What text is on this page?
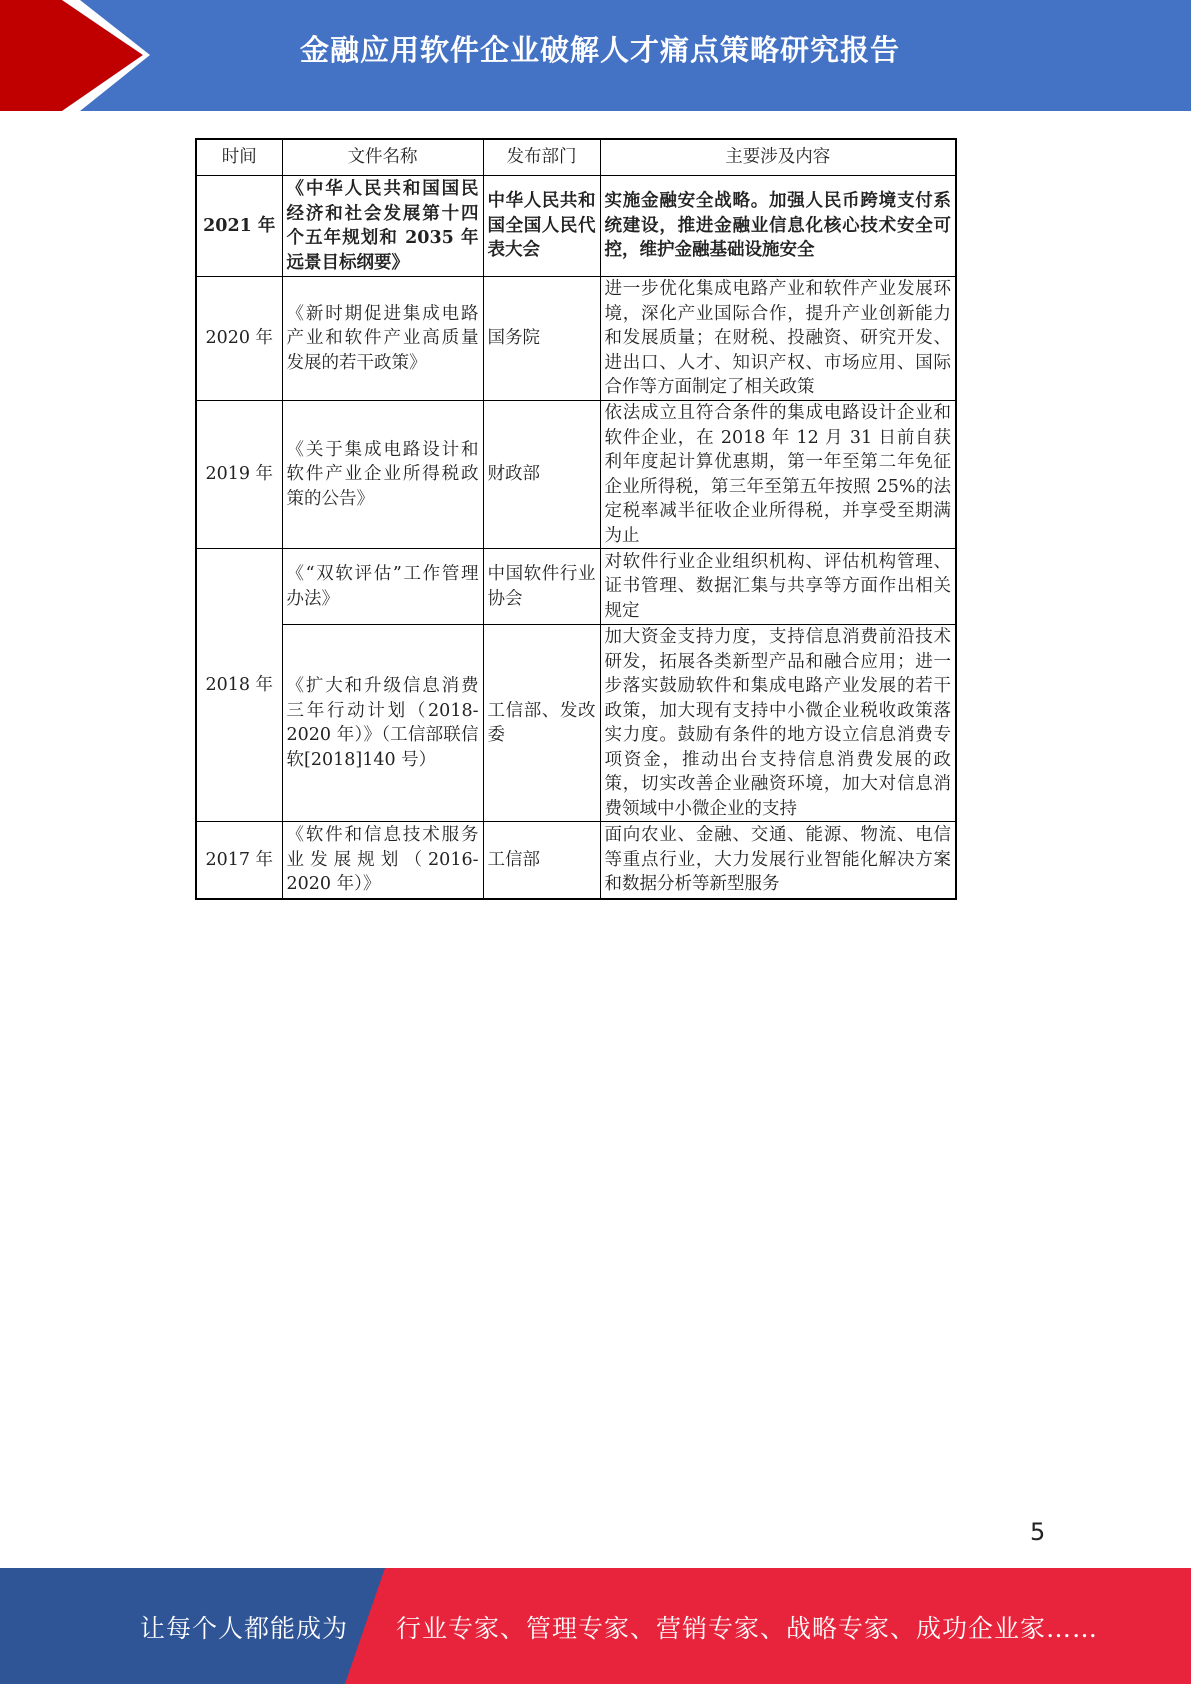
金融应用软件企业破解人才痛点策略研究报告
时间	文件名称	发布部门	主要涉及内容
2021 年	《中华人民共和国国民经济和社会发展第十四个五年规划和 2035 年远景目标纲要》	中华人民共和国全国人民代表大会	实施金融安全战略。加强人民币跨境支付系统建设，推进金融业信息化核心技术安全可控，维护金融基础设施安全
2020 年	《新时期促进集成电路产业和软件产业高质量发展的若干政策》	国务院	进一步优化集成电路产业和软件产业发展环境，深化产业国际合作，提升产业创新能力和发展质量；在财税、投融资、研究开发、进出口、人才、知识产权、市场应用、国际合作等方面制定了相关政策
2019 年	《关于集成电路设计和软件产业企业所得税政策的公告》	财政部	依法成立且符合条件的集成电路设计企业和软件企业，在 2018 年 12 月 31 日前自获利年度起计算优惠期，第一年至第二年免征企业所得税，第三年至第五年按照 25%的法定税率减半征收企业所得税，并享受至期满为止
2018 年	《“双软评估”工作管理办法》	中国软件行业协会	对软件行业企业组织机构、评估机构管理、证书管理、数据汇集与共享等方面作出相关规定
	《扩大和升级信息消费三年行动计划（2018-2020 年）》（工信部联信软[2018]140 号）	工信部、发改委	加大资金支持力度，支持信息消费前沿技术研发，拓展各类新型产品和融合应用；进一步落实鼓励软件和集成电路产业发展的若干政策，加大现有支持中小微企业税收政策落实力度。鼓励有条件的地方设立信息消费专项资金，推动出台支持信息消费发展的政策，切实改善企业融资环境，加大对信息消费领域中小微企业的支持
2017 年	《软件和信息技术服务业发展规划（2016-2020 年）》	工信部	面向农业、金融、交通、能源、物流、电信等重点行业，大力发展行业智能化解决方案和数据分析等新型服务
5
让每个人都能成为 行业专家、管理专家、营销专家、战略专家、成功企业家……
